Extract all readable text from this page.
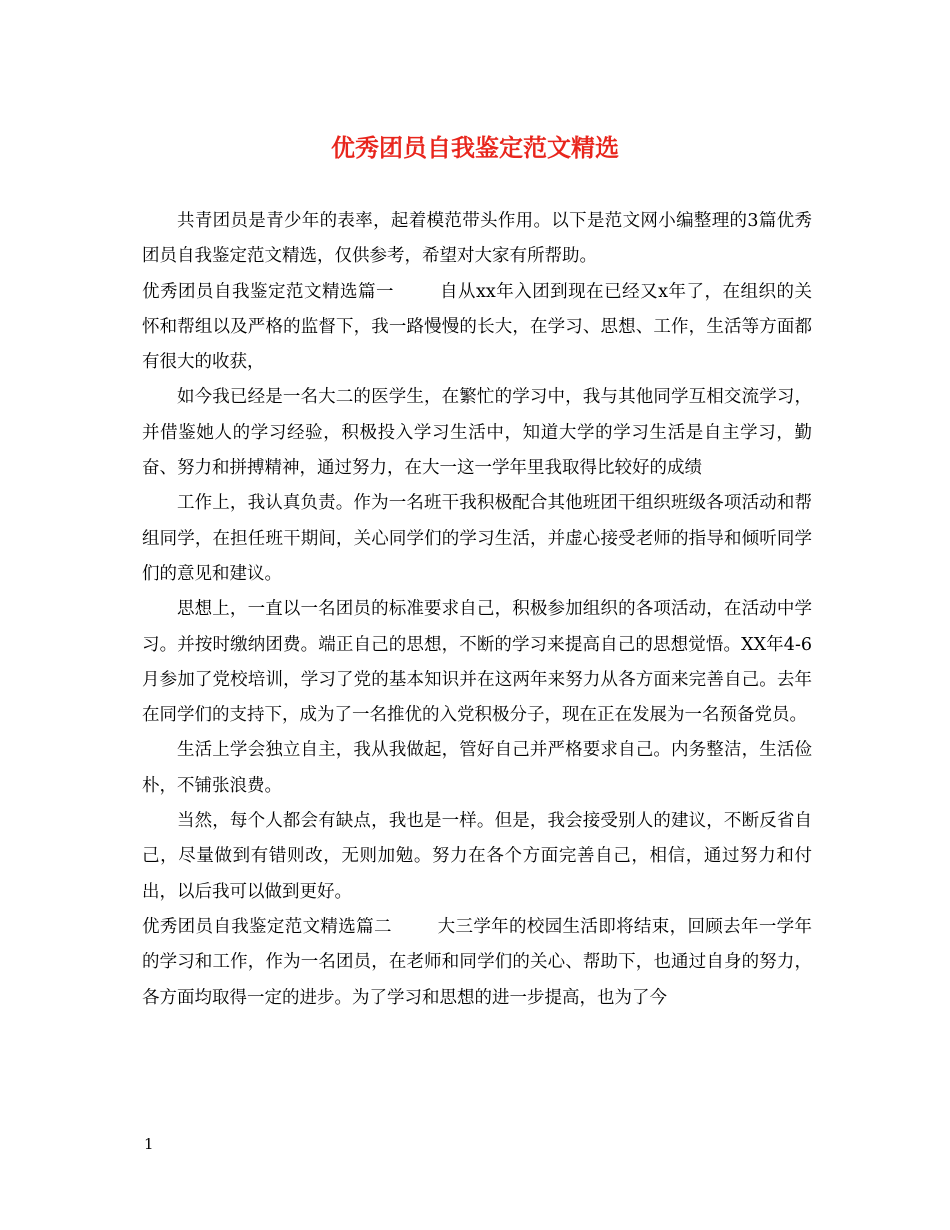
优秀团员自我鉴定范文精选

共青团员是青少年的表率，起着模范带头作用。以下是范文网小编整理的3篇优秀团员自我鉴定范文精选，仅供参考，希望对大家有所帮助。

优秀团员自我鉴定范文精选篇一	自从xx年入团到现在已经又x年了，在组织的关怀和帮组以及严格的监督下，我一路慢慢的长大，在学习、思想、工作，生活等方面都有很大的收获，

如今我已经是一名大二的医学生，在繁忙的学习中，我与其他同学互相交流学习，并借鉴她人的学习经验，积极投入学习生活中，知道大学的学习生活是自主学习，勤奋、努力和拼搏精神，通过努力，在大一这一学年里我取得比较好的成绩

工作上，我认真负责。作为一名班干我积极配合其他班团干组织班级各项活动和帮组同学，在担任班干期间，关心同学们的学习生活，并虚心接受老师的指导和倾听同学们的意见和建议。

思想上，一直以一名团员的标准要求自己，积极参加组织的各项活动，在活动中学习。并按时缴纳团费。端正自己的思想，不断的学习来提高自己的思想觉悟。XX年4-6月参加了党校培训，学习了党的基本知识并在这两年来努力从各方面来完善自己。去年在同学们的支持下，成为了一名推优的入党积极分子，现在正在发展为一名预备党员。

生活上学会独立自主，我从我做起，管好自己并严格要求自己。内务整洁，生活俭朴，不铺张浪费。

当然，每个人都会有缺点，我也是一样。但是，我会接受别人的建议，不断反省自己，尽量做到有错则改，无则加勉。努力在各个方面完善自己，相信，通过努力和付出，以后我可以做到更好。

优秀团员自我鉴定范文精选篇二	大三学年的校园生活即将结束，回顾去年一学年的学习和工作，作为一名团员，在老师和同学们的关心、帮助下，也通过自身的努力，各方面均取得一定的进步。为了学习和思想的进一步提高，也为了今

1
